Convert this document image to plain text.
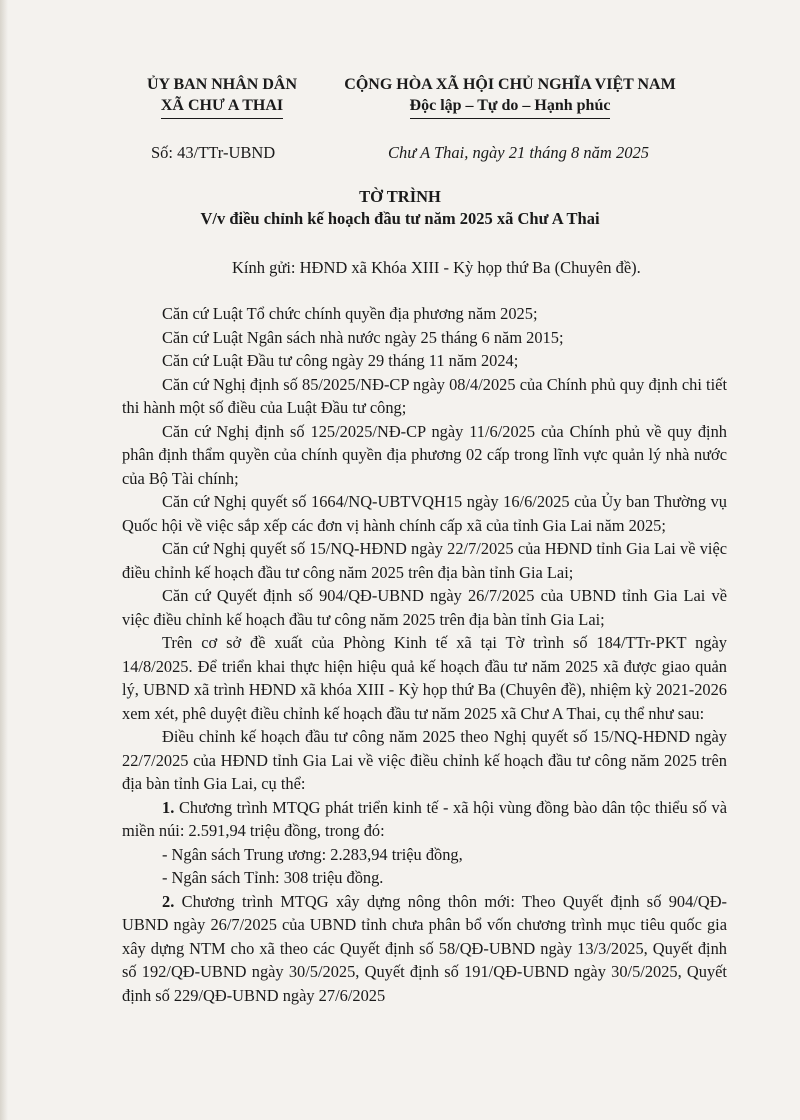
ỦY BAN NHÂN DÂN
XÃ CHƯ A THAI
CỘNG HÒA XÃ HỘI CHỦ NGHĨA VIỆT NAM
Độc lập – Tự do – Hạnh phúc
Số: 43/TTr-UBND	Chư A Thai, ngày 21 tháng 8 năm 2025
TỜ TRÌNH
V/v điều chỉnh kế hoạch đầu tư năm 2025 xã Chư A Thai
Kính gửi: HĐND xã Khóa XIII - Kỳ họp thứ Ba (Chuyên đề).

Căn cứ Luật Tổ chức chính quyền địa phương năm 2025;

Căn cứ Luật Ngân sách nhà nước ngày 25 tháng 6 năm 2015;

Căn cứ Luật Đầu tư công ngày 29 tháng 11 năm 2024;

Căn cứ Nghị định số 85/2025/NĐ-CP ngày 08/4/2025 của Chính phủ quy định chi tiết thi hành một số điều của Luật Đầu tư công;

Căn cứ Nghị định số 125/2025/NĐ-CP ngày 11/6/2025 của Chính phủ về quy định phân định thẩm quyền của chính quyền địa phương 02 cấp trong lĩnh vực quản lý nhà nước của Bộ Tài chính;

Căn cứ Nghị quyết số 1664/NQ-UBTVQH15 ngày 16/6/2025 của Ủy ban Thường vụ Quốc hội về việc sắp xếp các đơn vị hành chính cấp xã của tỉnh Gia Lai năm 2025;

Căn cứ Nghị quyết số 15/NQ-HĐND ngày 22/7/2025 của HĐND tỉnh Gia Lai về việc điều chỉnh kế hoạch đầu tư công năm 2025 trên địa bàn tỉnh Gia Lai;

Căn cứ Quyết định số 904/QĐ-UBND ngày 26/7/2025 của UBND tỉnh Gia Lai về việc điều chỉnh kế hoạch đầu tư công năm 2025 trên địa bàn tỉnh Gia Lai;

Trên cơ sở đề xuất của Phòng Kinh tế xã tại Tờ trình số 184/TTr-PKT ngày 14/8/2025. Để triển khai thực hiện hiệu quả kế hoạch đầu tư năm 2025 xã được giao quản lý, UBND xã trình HĐND xã khóa XIII - Kỳ họp thứ Ba (Chuyên đề), nhiệm kỳ 2021-2026 xem xét, phê duyệt điều chỉnh kế hoạch đầu tư năm 2025 xã Chư A Thai, cụ thể như sau:

Điều chỉnh kế hoạch đầu tư công năm 2025 theo Nghị quyết số 15/NQ-HĐND ngày 22/7/2025 của HĐND tỉnh Gia Lai về việc điều chỉnh kế hoạch đầu tư công năm 2025 trên địa bàn tỉnh Gia Lai, cụ thể:

1. Chương trình MTQG phát triển kinh tế - xã hội vùng đồng bào dân tộc thiểu số và miền núi: 2.591,94 triệu đồng, trong đó:

- Ngân sách Trung ương: 2.283,94 triệu đồng,

- Ngân sách Tỉnh: 308 triệu đồng.

2. Chương trình MTQG xây dựng nông thôn mới: Theo Quyết định số 904/QĐ-UBND ngày 26/7/2025 của UBND tỉnh chưa phân bổ vốn chương trình mục tiêu quốc gia xây dựng NTM cho xã theo các Quyết định số 58/QĐ-UBND ngày 13/3/2025, Quyết định số 192/QĐ-UBND ngày 30/5/2025, Quyết định số 191/QĐ-UBND ngày 30/5/2025, Quyết định số 229/QĐ-UBND ngày 27/6/2025
